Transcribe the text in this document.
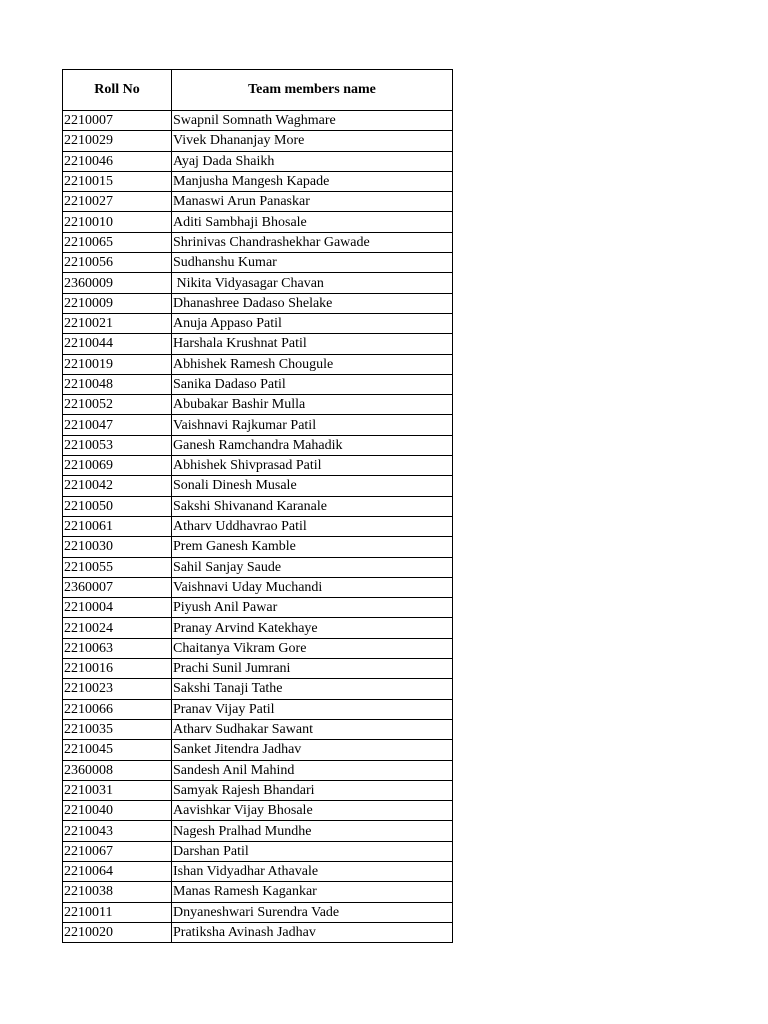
Roll No	Team members name
2210007	Swapnil Somnath Waghmare
2210029	Vivek Dhananjay More
2210046	Ayaj Dada Shaikh
2210015	Manjusha Mangesh Kapade
2210027	Manaswi Arun Panaskar
2210010	Aditi Sambhaji Bhosale
2210065	Shrinivas Chandrashekhar Gawade
2210056	Sudhanshu Kumar
2360009	Nikita Vidyasagar Chavan
2210009	Dhanashree Dadaso Shelake
2210021	Anuja Appaso Patil
2210044	Harshala Krushnat Patil
2210019	Abhishek Ramesh Chougule
2210048	Sanika Dadaso Patil
2210052	Abubakar Bashir Mulla
2210047	Vaishnavi Rajkumar Patil
2210053	Ganesh Ramchandra Mahadik
2210069	Abhishek Shivprasad Patil
2210042	Sonali Dinesh Musale
2210050	Sakshi Shivanand Karanale
2210061	Atharv Uddhavrao Patil
2210030	Prem Ganesh Kamble
2210055	Sahil Sanjay Saude
2360007	Vaishnavi Uday Muchandi
2210004	Piyush Anil Pawar
2210024	Pranay Arvind Katekhaye
2210063	Chaitanya Vikram Gore
2210016	Prachi Sunil Jumrani
2210023	Sakshi Tanaji Tathe
2210066	Pranav Vijay Patil
2210035	Atharv Sudhakar Sawant
2210045	Sanket Jitendra Jadhav
2360008	Sandesh Anil Mahind
2210031	Samyak Rajesh Bhandari
2210040	Aavishkar Vijay Bhosale
2210043	Nagesh Pralhad Mundhe
2210067	Darshan Patil
2210064	Ishan Vidyadhar Athavale
2210038	Manas Ramesh Kagankar
2210011	Dnyaneshwari Surendra Vade
2210020	Pratiksha Avinash Jadhav
